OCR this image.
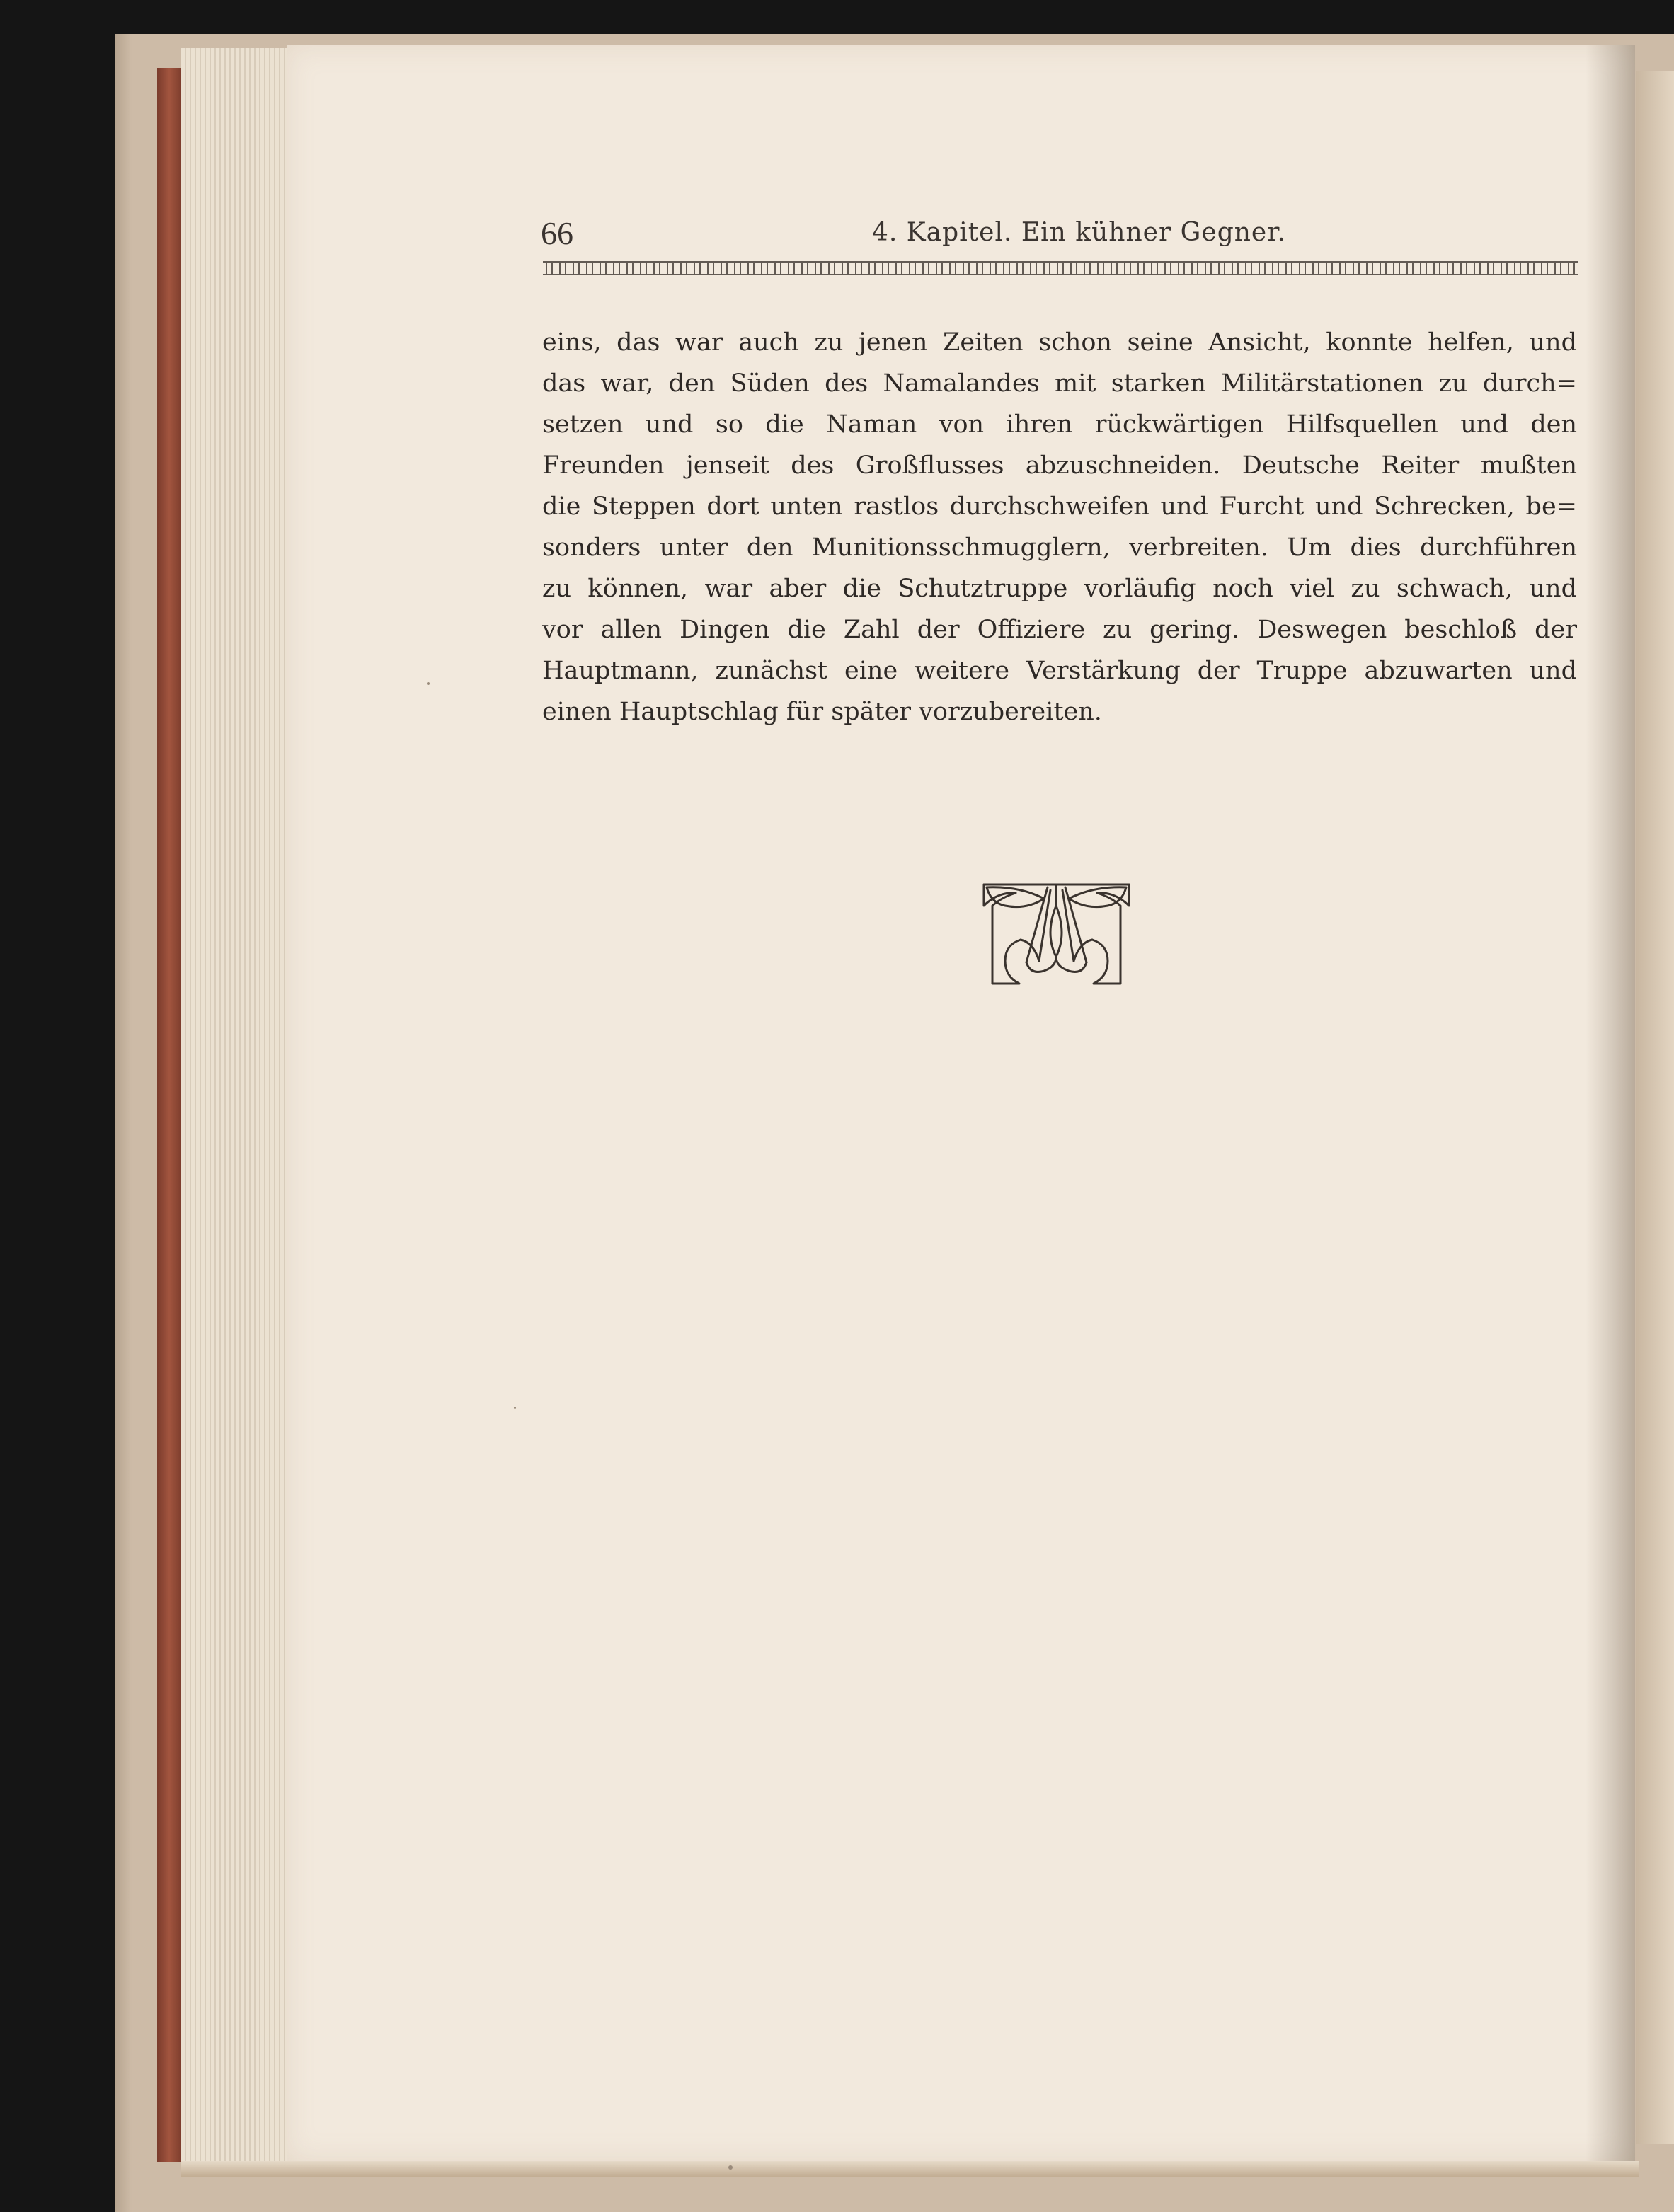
66	4. Kapitel. Ein kühner Gegner.
eins, das war auch zu jenen Zeiten schon seine Ansicht, konnte helfen, und
das war, den Süden des Namalandes mit starken Militärstationen zu durch=
setzen und so die Naman von ihren rückwärtigen Hilfsquellen und den
Freunden jenseit des Großflusses abzuschneiden. Deutsche Reiter mußten
die Steppen dort unten rastlos durchschweifen und Furcht und Schrecken, be=
sonders unter den Munitionsschmugglern, verbreiten. Um dies durchführen
zu können, war aber die Schutztruppe vorläufig noch viel zu schwach, und
vor allen Dingen die Zahl der Offiziere zu gering. Deswegen beschloß der
Hauptmann, zunächst eine weitere Verstärkung der Truppe abzuwarten und
einen Hauptschlag für später vorzubereiten.
